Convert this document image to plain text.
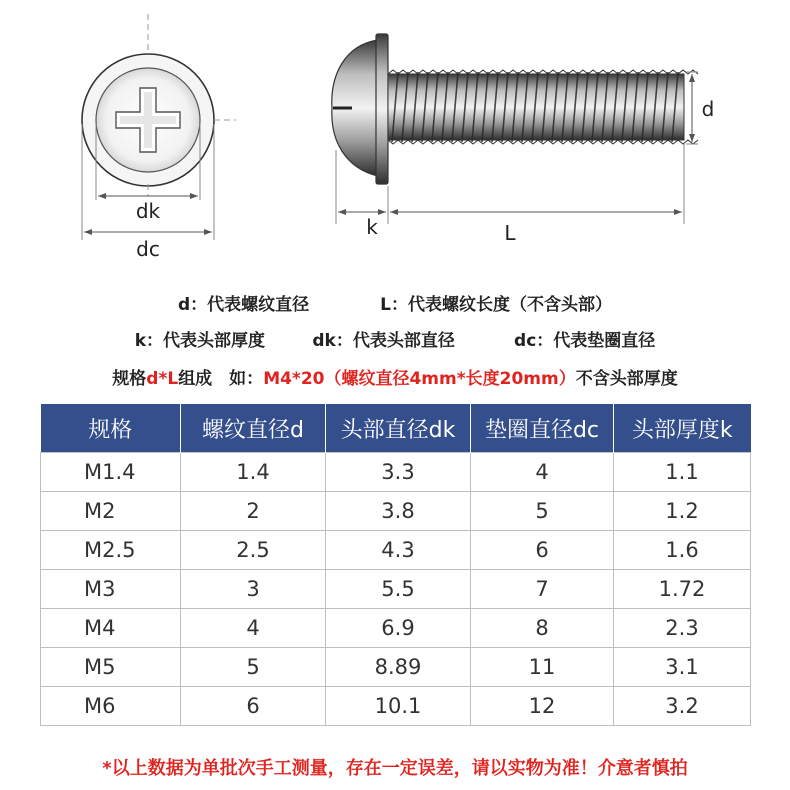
dk
dc
k	L
d
d：代表螺纹直径	L：代表螺纹长度（不含头部）
k：代表头部厚度	dk：代表头部直径	dc：代表垫圈直径
规格d*L组成　如：M4*20（螺纹直径4mm*长度20mm）不含头部厚度
规格	螺纹直径d	头部直径dk	垫圈直径dc	头部厚度k
M1.4	1.4	3.3	4	1.1
M2	2	3.8	5	1.2
M2.5	2.5	4.3	6	1.6
M3	3	5.5	7	1.72
M4	4	6.9	8	2.3
M5	5	8.89	11	3.1
M6	6	10.1	12	3.2
*以上数据为单批次手工测量，存在一定误差，请以实物为准！介意者慎拍
